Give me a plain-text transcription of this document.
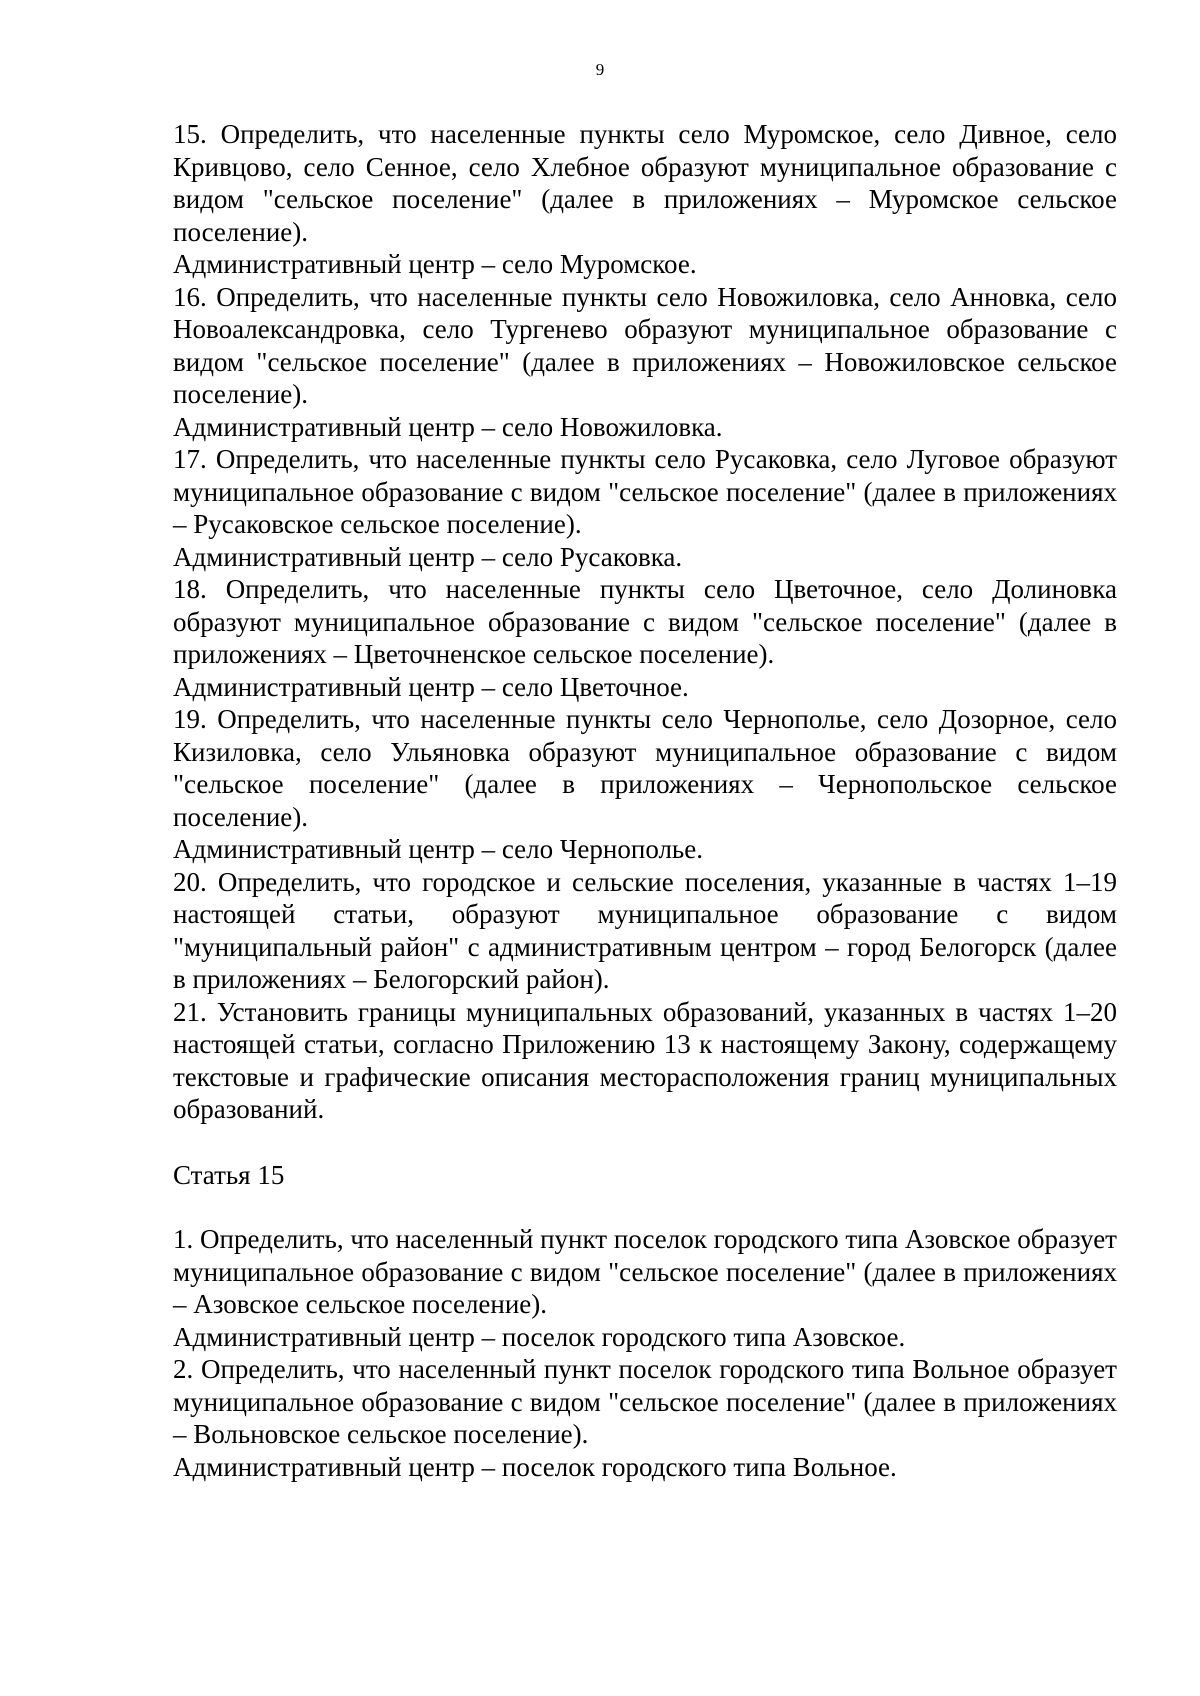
9

15. Определить, что населенные пункты село Муромское, село Дивное, село Кривцово, село Сенное, село Хлебное образуют муниципальное образование с видом "сельское поселение" (далее в приложениях – Муромское сельское поселение).

Административный центр – село Муромское.

16. Определить, что населенные пункты село Новожиловка, село Анновка, село Новоалександровка, село Тургенево образуют муниципальное образование с видом "сельское поселение" (далее в приложениях – Новожиловское сельское поселение).

Административный центр – село Новожиловка.

17. Определить, что населенные пункты село Русаковка, село Луговое образуют муниципальное образование с видом "сельское поселение" (далее в приложениях – Русаковское сельское поселение).

Административный центр – село Русаковка.

18. Определить, что населенные пункты село Цветочное, село Долиновка образуют муниципальное образование с видом "сельское поселение" (далее в приложениях – Цветочненское сельское поселение).

Административный центр – село Цветочное.

19. Определить, что населенные пункты село Чернополье, село Дозорное, село Кизиловка, село Ульяновка образуют муниципальное образование с видом "сельское поселение" (далее в приложениях – Чернопольское сельское поселение).

Административный центр – село Чернополье.

20. Определить, что городское и сельские поселения, указанные в частях 1–19 настоящей статьи, образуют муниципальное образование с видом "муниципальный район" с административным центром – город Белогорск (далее в приложениях – Белогорский район).

21. Установить границы муниципальных образований, указанных в частях 1–20 настоящей статьи, согласно Приложению 13 к настоящему Закону, содержащему текстовые и графические описания месторасположения границ муниципальных образований.

Статья 15

1. Определить, что населенный пункт поселок городского типа Азовское образует муниципальное образование с видом "сельское поселение" (далее в приложениях – Азовское сельское поселение).

Административный центр – поселок городского типа Азовское.

2. Определить, что населенный пункт поселок городского типа Вольное образует муниципальное образование с видом "сельское поселение" (далее в приложениях – Вольновское сельское поселение).

Административный центр – поселок городского типа Вольное.
